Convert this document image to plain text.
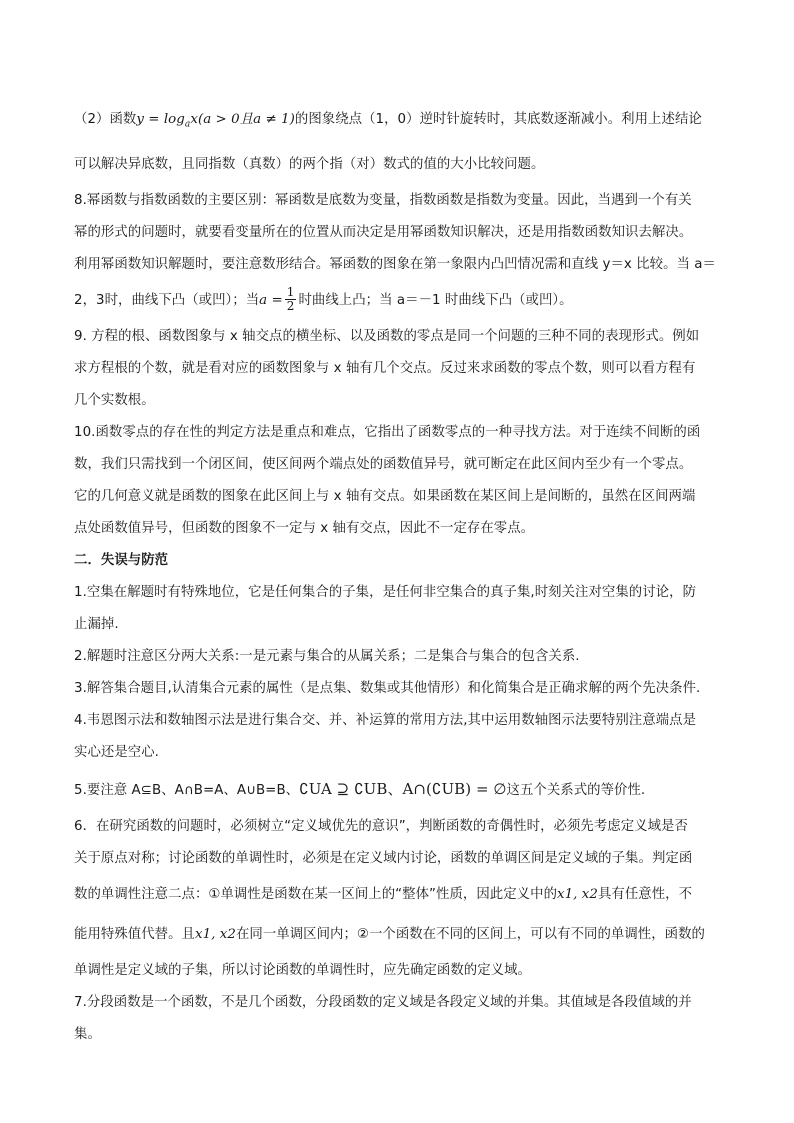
（2）函数$y = \log_ax(a > 0$且a ≠ 1)的图象绕点（1，0）逆时针旋转时，其底数逐渐减小。利用上述结论
可以解决异底数，且同指数（真数）的两个指（对）数式的值的大小比较问题。

8.幂函数与指数函数的主要区别：幂函数是底数为变量，指数函数是指数为变量。因此，当遇到一个有关
幂的形式的问题时，就要看变量所在的位置从而决定是用幂函数知识解决，还是用指数函数知识去解决。
利用幂函数知识解题时，要注意数形结合。幂函数的图象在第一象限内凸凹情况需和直线 y＝x 比较。当 a＝
2，3时，曲线下凸（或凹）；当$a = \frac{1}{2}$ 时曲线上凸；当 a＝－1 时曲线下凸（或凹）。

9. 方程的根、函数图象与 x 轴交点的横坐标、以及函数的零点是同一个问题的三种不同的表现形式。例如
求方程根的个数，就是看对应的函数图象与 x 轴有几个交点。反过来求函数的零点个数，则可以看方程有
几个实数根。

10.函数零点的存在性的判定方法是重点和难点，它指出了函数零点的一种寻找方法。对于连续不间断的函
数，我们只需找到一个闭区间，使区间两个端点处的函数值异号，就可断定在此区间内至少有一个零点。
它的几何意义就是函数的图象在此区间上与 x 轴有交点。如果函数在某区间上是间断的，虽然在区间两端
点处函数值异号，但函数的图象不一定与 x 轴有交点，因此不一定存在零点。

二．失误与防范

1.空集在解题时有特殊地位，它是任何集合的子集，是任何非空集合的真子集,时刻关注对空集的讨论，防
止漏掉.

2.解题时注意区分两大关系:一是元素与集合的从属关系；二是集合与集合的包含关系.

3.解答集合题目,认清集合元素的属性（是点集、数集或其他情形）和化简集合是正确求解的两个先决条件.

4.韦恩图示法和数轴图示法是进行集合交、并、补运算的常用方法,其中运用数轴图示法要特别注意端点是
实心还是空心.

5.要注意 A⊆B、A∩B=A、A∪B=B、∁UA ⊇ ∁UB、A∩(∁UB) = ∅这五个关系式的等价性.

6．在研究函数的问题时，必须树立“定义域优先的意识”，判断函数的奇偶性时，必须先考虑定义域是否
关于原点对称；讨论函数的单调性时，必须是在定义域内讨论，函数的单调区间是定义域的子集。判定函
数的单调性注意二点：①单调性是函数在某一区间上的“整体”性质，因此定义中的x1, x2具有任意性，不
能用特殊值代替。且x1, x2在同一单调区间内；②一个函数在不同的区间上，可以有不同的单调性，函数的
单调性是定义域的子集，所以讨论函数的单调性时，应先确定函数的定义域。

7.分段函数是一个函数，不是几个函数，分段函数的定义域是各段定义域的并集。其值域是各段值域的并
集。
